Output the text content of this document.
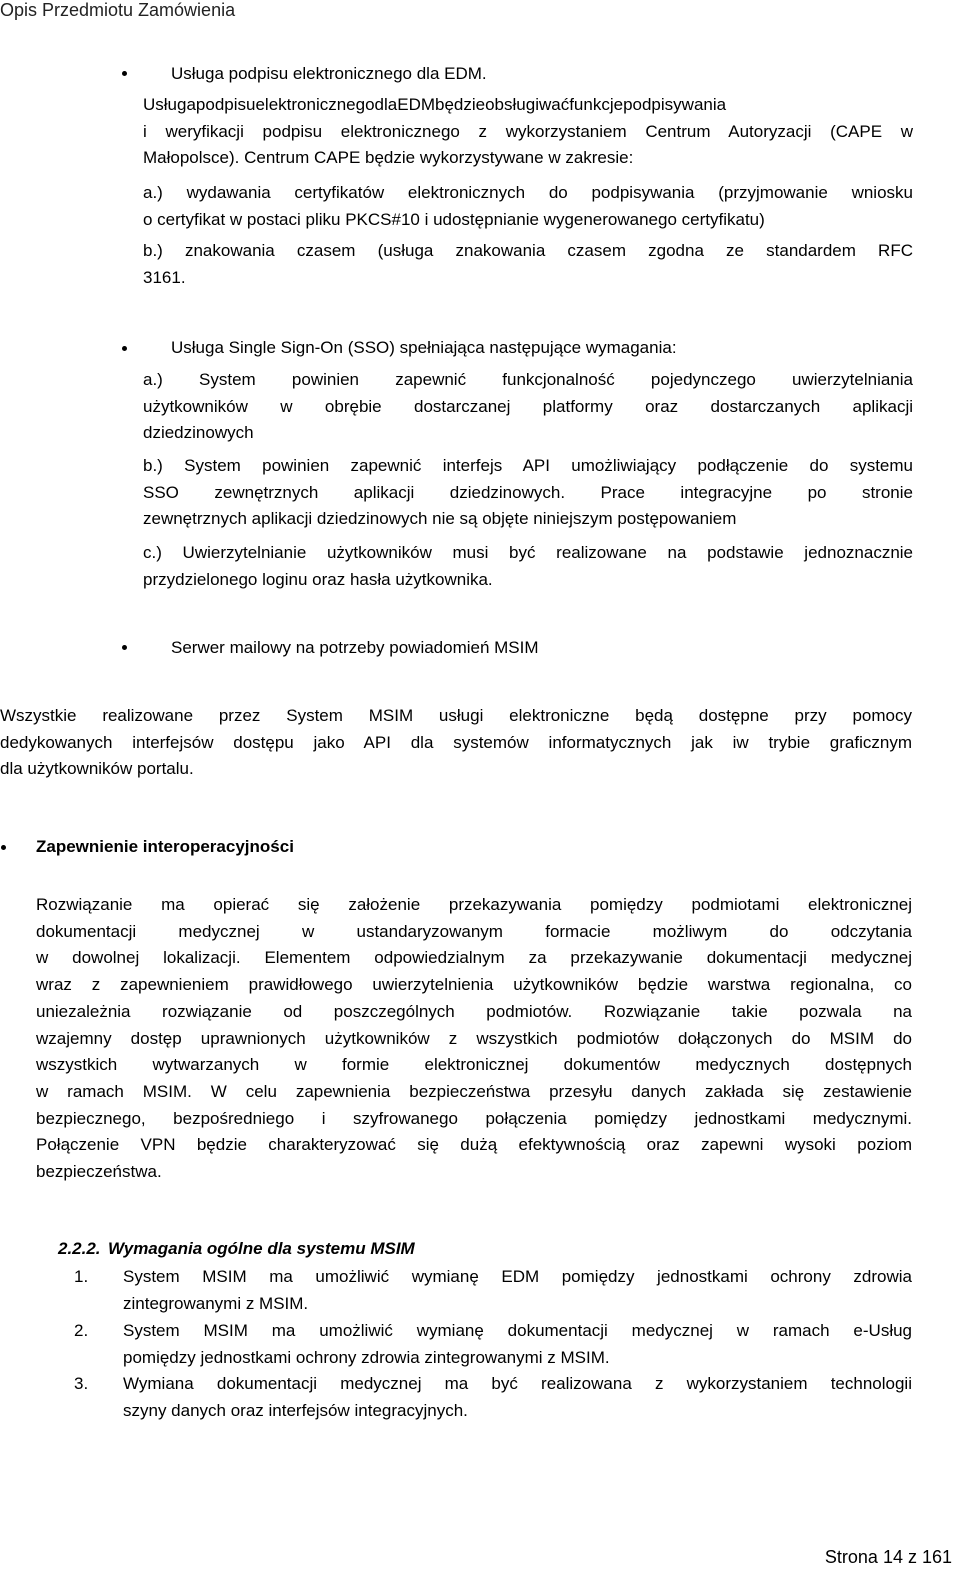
Opis Przedmiotu Zamówienia
Usługa podpisu elektronicznego dla EDM.
UsługapodpisuelektronicznegodlaEDMbędzieobsługiwaćfunkcjepodpisywania
i weryfikacji podpisu elektronicznego z wykorzystaniem Centrum Autoryzacji (CAPE w
Małopolsce). Centrum CAPE będzie wykorzystywane w zakresie:
a.) wydawania certyfikatów elektronicznych do podpisywania (przyjmowanie wniosku
o certyfikat w postaci pliku PKCS#10 i udostępnianie wygenerowanego certyfikatu)
b.) znakowania czasem (usługa znakowania czasem zgodna ze standardem RFC
3161.
Usługa Single Sign-On (SSO) spełniająca następujące wymagania:
a.) System powinien zapewnić funkcjonalność pojedynczego uwierzytelniania
użytkowników w obrębie dostarczanej platformy oraz dostarczanych aplikacji
dziedzinowych
b.) System powinien zapewnić interfejs API umożliwiający podłączenie do systemu
SSO zewnętrznych aplikacji dziedzinowych. Prace integracyjne po stronie
zewnętrznych aplikacji dziedzinowych nie są objęte niniejszym postępowaniem
c.) Uwierzytelnianie użytkowników musi być realizowane na podstawie jednoznacznie
przydzielonego loginu oraz hasła użytkownika.
Serwer mailowy na potrzeby powiadomień MSIM
Wszystkie realizowane przez System MSIM usługi elektroniczne będą dostępne przy pomocy
dedykowanych interfejsów dostępu jako API dla systemów informatycznych jak iw trybie graficznym
dla użytkowników portalu.
Zapewnienie interoperacyjności
Rozwiązanie ma opierać się założenie przekazywania pomiędzy podmiotami elektronicznej
dokumentacji medycznej w ustandaryzowanym formacie możliwym do odczytania
w dowolnej lokalizacji. Elementem odpowiedzialnym za przekazywanie dokumentacji medycznej
wraz z zapewnieniem prawidłowego uwierzytelnienia użytkowników będzie warstwa regionalna, co
uniezależnia rozwiązanie od poszczególnych podmiotów. Rozwiązanie takie pozwala na
wzajemny dostęp uprawnionych użytkowników z wszystkich podmiotów dołączonych do MSIM do
wszystkich wytwarzanych w formie elektronicznej dokumentów medycznych dostępnych
w ramach MSIM. W celu zapewnienia bezpieczeństwa przesyłu danych zakłada się zestawienie
bezpiecznego, bezpośredniego i szyfrowanego połączenia pomiędzy jednostkami medycznymi.
Połączenie VPN będzie charakteryzować się dużą efektywnością oraz zapewni wysoki poziom
bezpieczeństwa.
2.2.2. Wymagania ogólne dla systemu MSIM
1. System MSIM ma umożliwić wymianę EDM pomiędzy jednostkami ochrony zdrowia
zintegrowanymi z MSIM.
2. System MSIM ma umożliwić wymianę dokumentacji medycznej w ramach e-Usług
pomiędzy jednostkami ochrony zdrowia zintegrowanymi z MSIM.
3. Wymiana dokumentacji medycznej ma być realizowana z wykorzystaniem technologii
szyny danych oraz interfejsów integracyjnych.
Strona 14 z 161
